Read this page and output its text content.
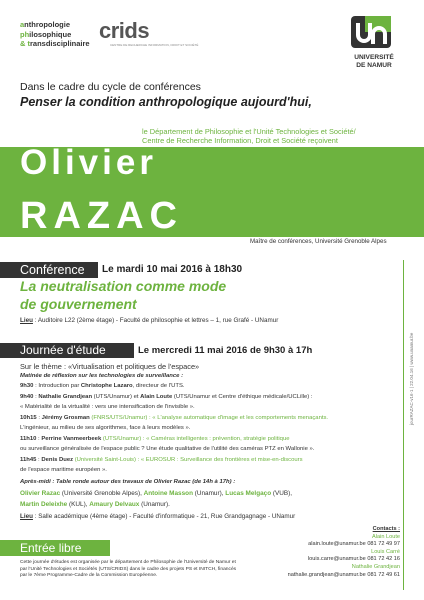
anthropologie
philosophique
& transdisciplinaire
crids
CENTRE DE RECHERCHE INFORMATION, DROIT ET SOCIÉTÉ
UNIVERSITÉ
DE NAMUR
Dans le cadre du cycle de conférences
Penser la condition anthropologique aujourd'hui,
le Département de Philosophie et l'Unité Technologies et Société/
Centre de Recherche Information, Droit et Société reçoivent
Olivier
RAZAC
Maître de conférences, Université Grenoble Alpes
jourRAZAC-v16-1 | 22.04.16 | www.unamur.be
Conférence Le mardi 10 mai 2016 à 18h30
La neutralisation comme mode
de gouvernement
Lieu : Auditoire L22 (2ème étage) - Faculté de philosophie et lettres – 1, rue Grafé - UNamur
Journée d'étude	Le mercredi 11 mai 2016 de 9h30 à 17h
Sur le thème : «Virtualisation et politiques de l'espace»
Matinée de réflexion sur les technologies de surveillance :
9h30 : Introduction par Christophe Lazaro, directeur de l'UTS.
9h40 : Nathalie Grandjean (UTS/Unamur) et Alain Loute (UTS/Unamur et Centre d'éthique médicale/UCLille) :
« Matérialité de la virtualité : vers une intensification de l'invisible ».
10h15 : Jérémy Grosman (FNRS/UTS/Unamur) : « L'analyse automatique d'image et les comportements menaçants.
L'ingénieur, au milieu de ses algorithmes, face à leurs modèles ».
11h10 : Perrine Vanmeerbeek (UTS/Unamur) : « Caméras intelligentes : prévention, stratégie politique
ou surveillance généralisée de l'espace public ? Une étude qualitative de l'utilité des caméras PTZ en Wallonie ».
11h45 : Denis Duez (Université Saint-Louis) : « EUROSUR : Surveillance des frontières et mise-en-discours
de l'espace maritime européen ».
Après-midi : Table ronde autour des travaux de Olivier Razac (de 14h à 17h) :
Olivier Razac (Université Grenoble Alpes), Antoine Masson (Unamur), Lucas Melgaço (VUB),
Martin Deleixhe (KUL), Amaury Delvaux (Unamur).
Lieu : Salle académique (4ème étage) - Faculté d'informatique - 21, Rue Grandgagnage - UNamur
Entrée libre
Cette journée d'études est organisée par le département de Philosophie de l'Université de Namur et par l'Unité Technologies et Sociétés (UTS/CRIDS) dans le cadre des projets PS et INITCH, financés par le 7ème Programme-Cadre de la Commission Européenne.
Contacts :
Alain Loute
alain.loute@unamur.be 081 72 49 97
Louis Carré
louis.carre@unamur.be 081 72 42 16
Nathalie Grandjean
nathalie.grandjean@unamur.be 081 72 49 61
